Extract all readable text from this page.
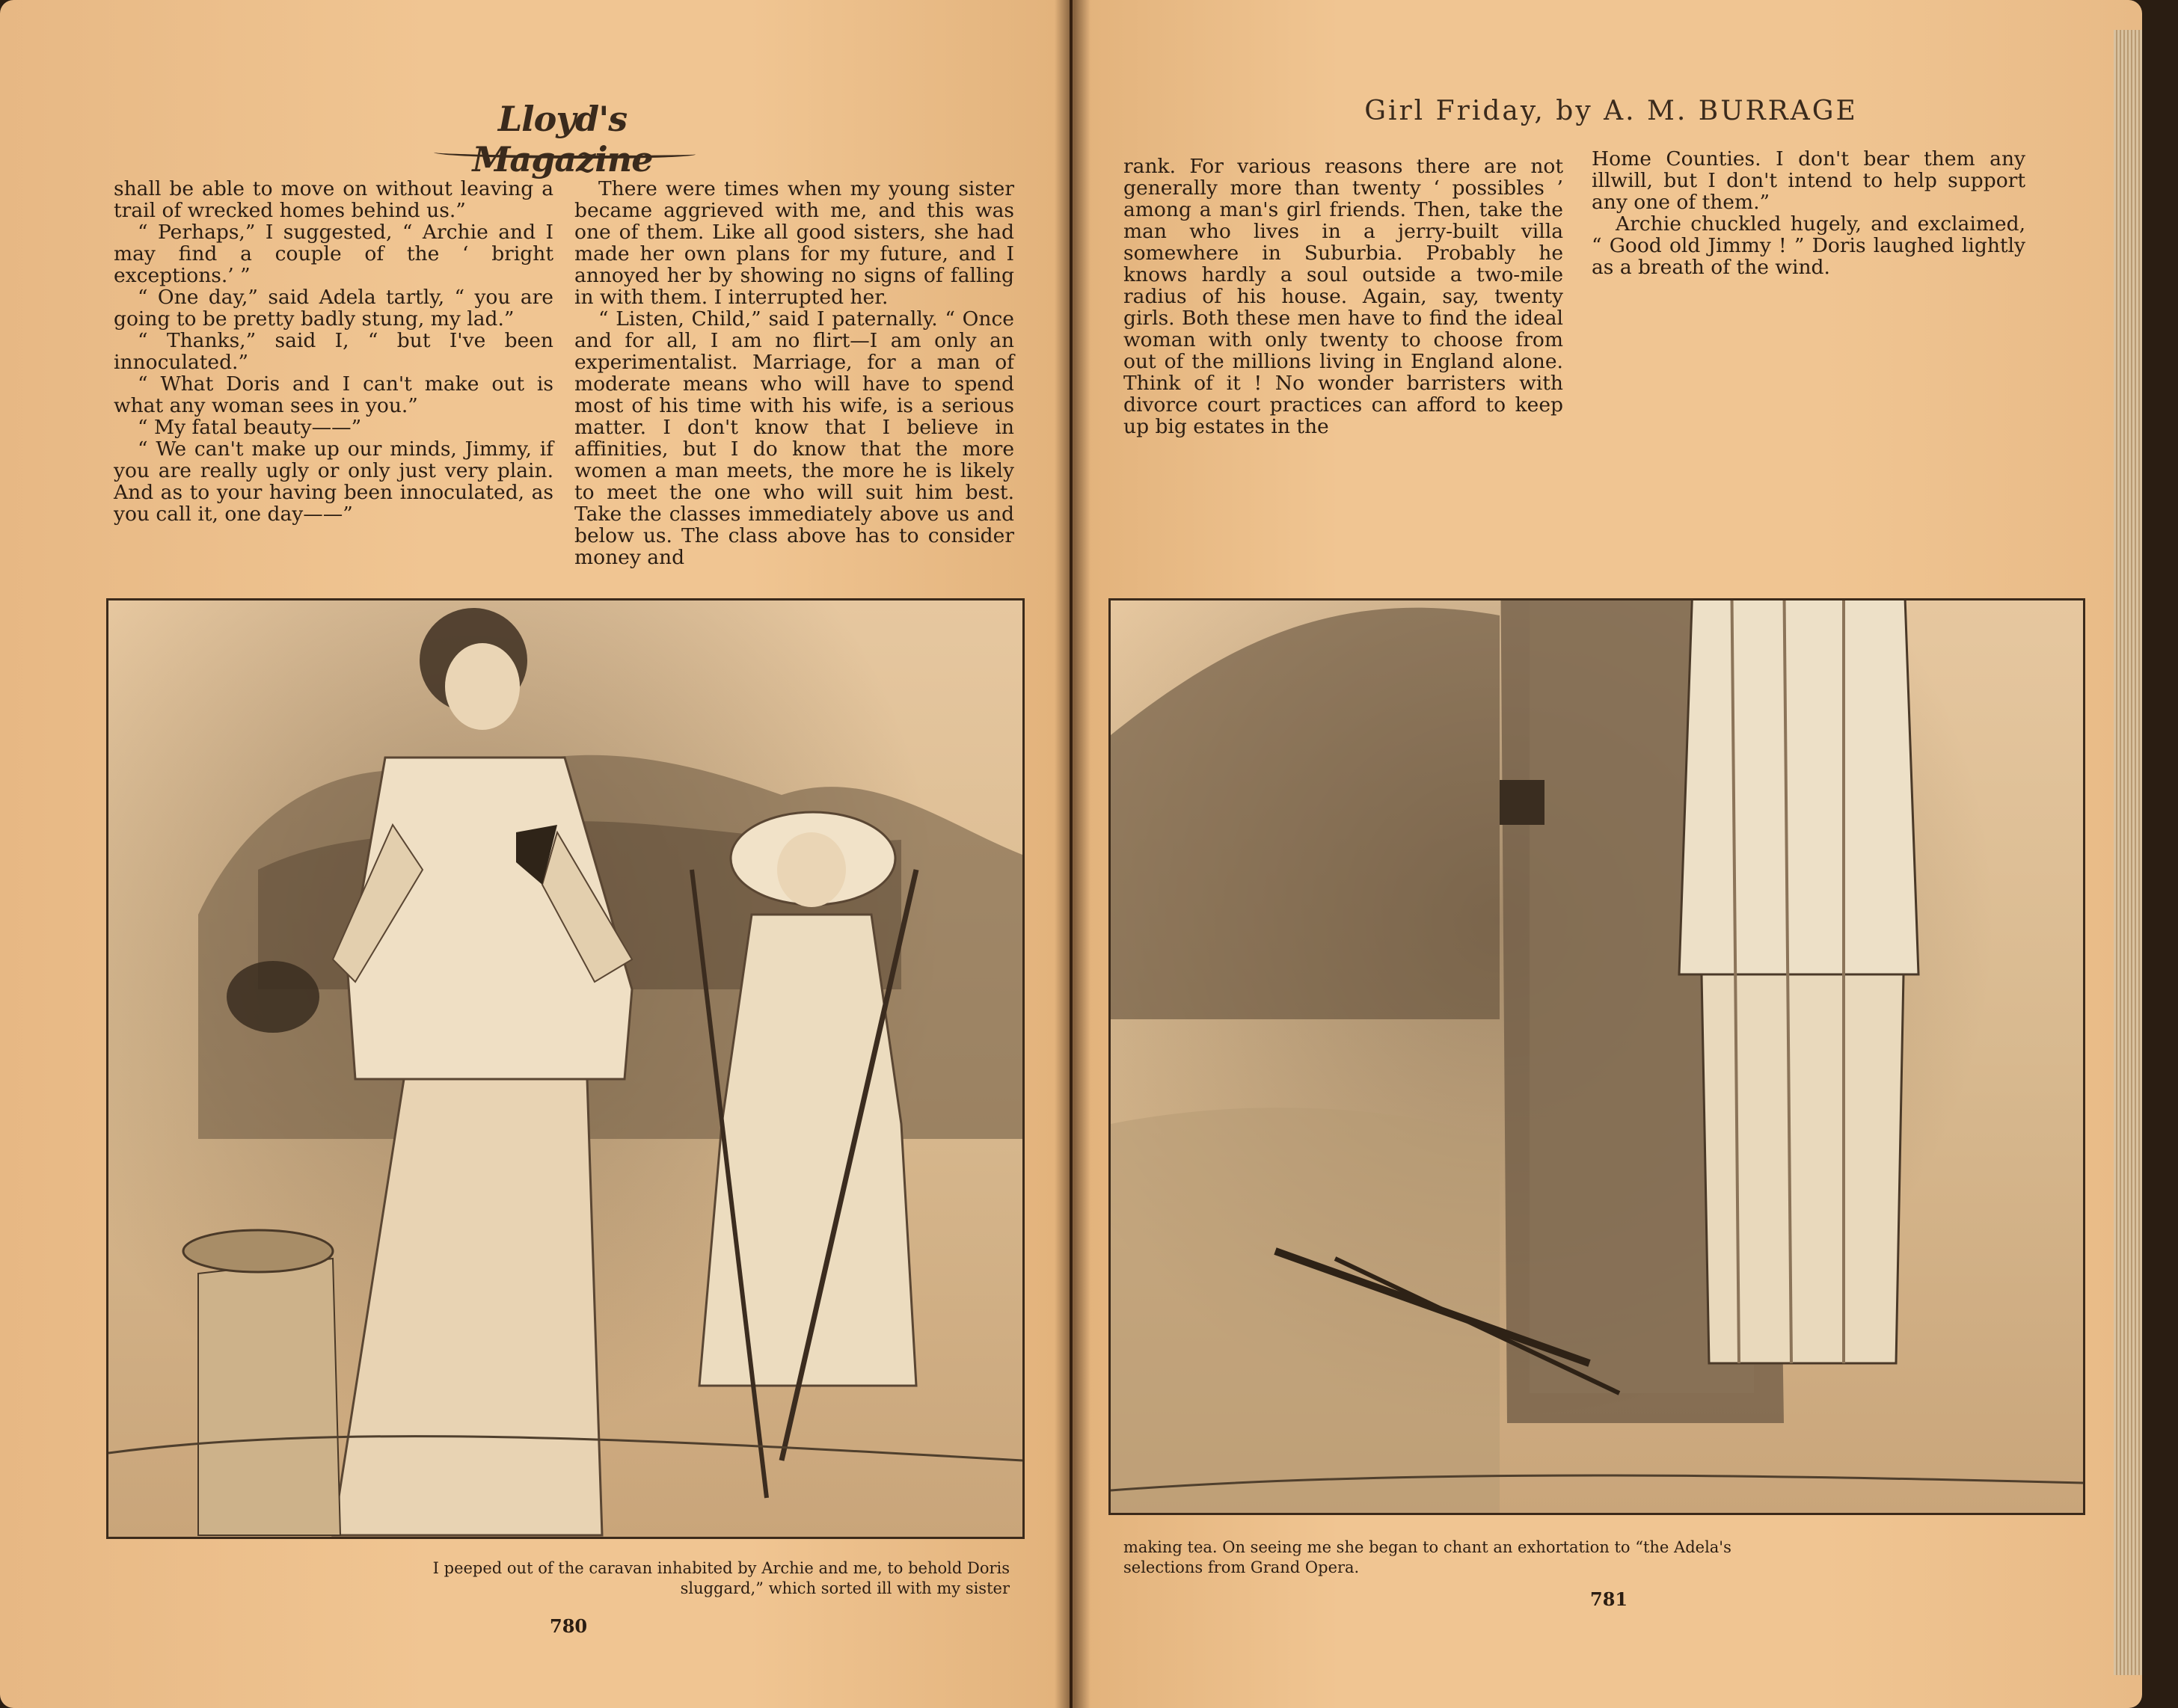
Lloyd's Magazine

shall be able to move on without leaving a trail of wrecked homes behind us.”

“ Perhaps,” I suggested, “ Archie and I may find a couple of the ‘ bright exceptions.’ ”

“ One day,” said Adela tartly, “ you are going to be pretty badly stung, my lad.”

“ Thanks,” said I, “ but I've been innoculated.”

“ What Doris and I can't make out is what any woman sees in you.”

“ My fatal beauty——”

“ We can't make up our minds, Jimmy, if you are really ugly or only just very plain. And as to your having been innoculated, as you call it, one day——”

There were times when my young sister became aggrieved with me, and this was one of them. Like all good sisters, she had made her own plans for my future, and I annoyed her by showing no signs of falling in with them. I interrupted her.

“ Listen, Child,” said I paternally. “ Once and for all, I am no flirt—I am only an experimentalist. Marriage, for a man of moderate means who will have to spend most of his time with his wife, is a serious matter. I don't know that I believe in affinities, but I do know that the more women a man meets, the more he is likely to meet the one who will suit him best. Take the classes immediately above us and below us. The class above has to consider money and

I peeped out of the caravan inhabited by Archie and me, to behold Doris sluggard,” which sorted ill with my sister
780
Girl Friday, by A. M. BURRAGE

rank. For various reasons there are not generally more than twenty ‘ possibles ’ among a man's girl friends. Then, take the man who lives in a jerry-built villa somewhere in Suburbia. Probably he knows hardly a soul outside a two-mile radius of his house. Again, say, twenty girls. Both these men have to find the ideal woman with only twenty to choose from out of the millions living in England alone. Think of it ! No wonder barristers with divorce court practices can afford to keep up big estates in the

Home Counties. I don't bear them any illwill, but I don't intend to help support any one of them.”

Archie chuckled hugely, and exclaimed, “ Good old Jimmy ! ” Doris laughed lightly as a breath of the wind.

making tea. On seeing me she began to chant an exhortation to “the Adela's selections from Grand Opera.
781
